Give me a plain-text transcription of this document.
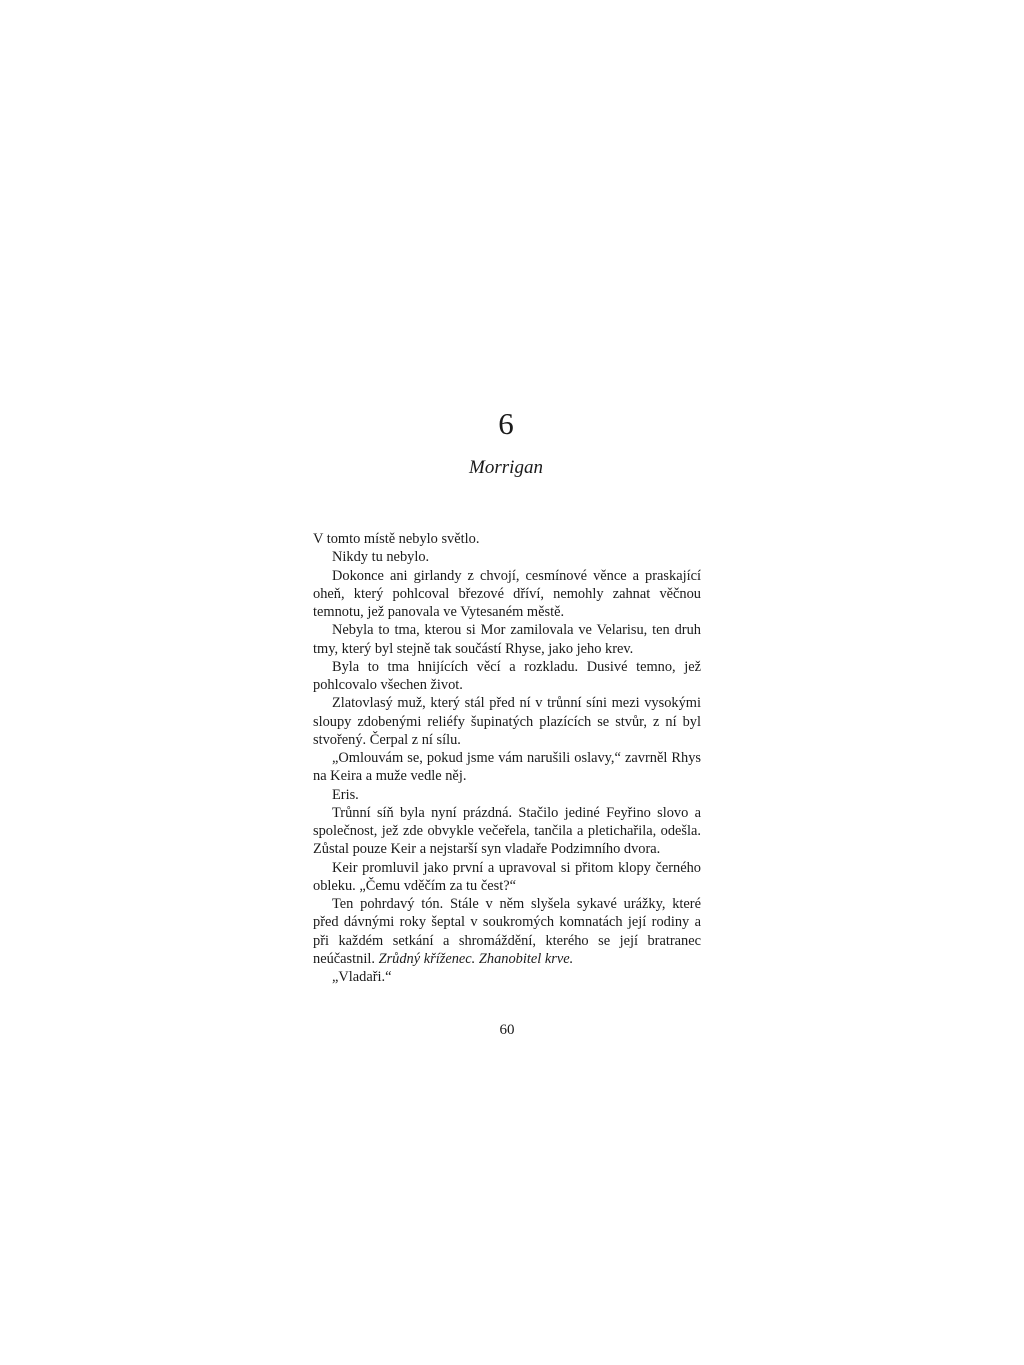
6
Morrigan

V tomto místě nebylo světlo.

Nikdy tu nebylo.

Dokonce ani girlandy z chvojí, cesmínové věnce a praskající oheň, který pohlcoval březové dříví, nemohly zahnat věčnou temnotu, jež panovala ve Vytesaném městě.

Nebyla to tma, kterou si Mor zamilovala ve Velarisu, ten druh tmy, který byl stejně tak součástí Rhyse, jako jeho krev.

Byla to tma hnijících věcí a rozkladu. Dusivé temno, jež pohlcovalo všechen život.

Zlatovlasý muž, který stál před ní v trůnní síni mezi vysokými sloupy zdobenými reliéfy šupinatých plazících se stvůr, z ní byl stvořený. Čerpal z ní sílu.

„Omlouvám se, pokud jsme vám narušili oslavy,“ zavrněl Rhys na Keira a muže vedle něj.

Eris.

Trůnní síň byla nyní prázdná. Stačilo jediné Feyřino slovo a společnost, jež zde obvykle večeřela, tančila a pletichařila, odešla. Zůstal pouze Keir a nejstarší syn vladaře Podzimního dvora.

Keir promluvil jako první a upravoval si přitom klopy černého obleku. „Čemu vděčím za tu čest?“

Ten pohrdavý tón. Stále v něm slyšela sykavé urážky, které před dávnými roky šeptal v soukromých komnatách její rodiny a při každém setkání a shromáždění, kterého se její bratranec neúčastnil. Zrůdný kříženec. Zhanobitel krve.

„Vladaři.“

60
